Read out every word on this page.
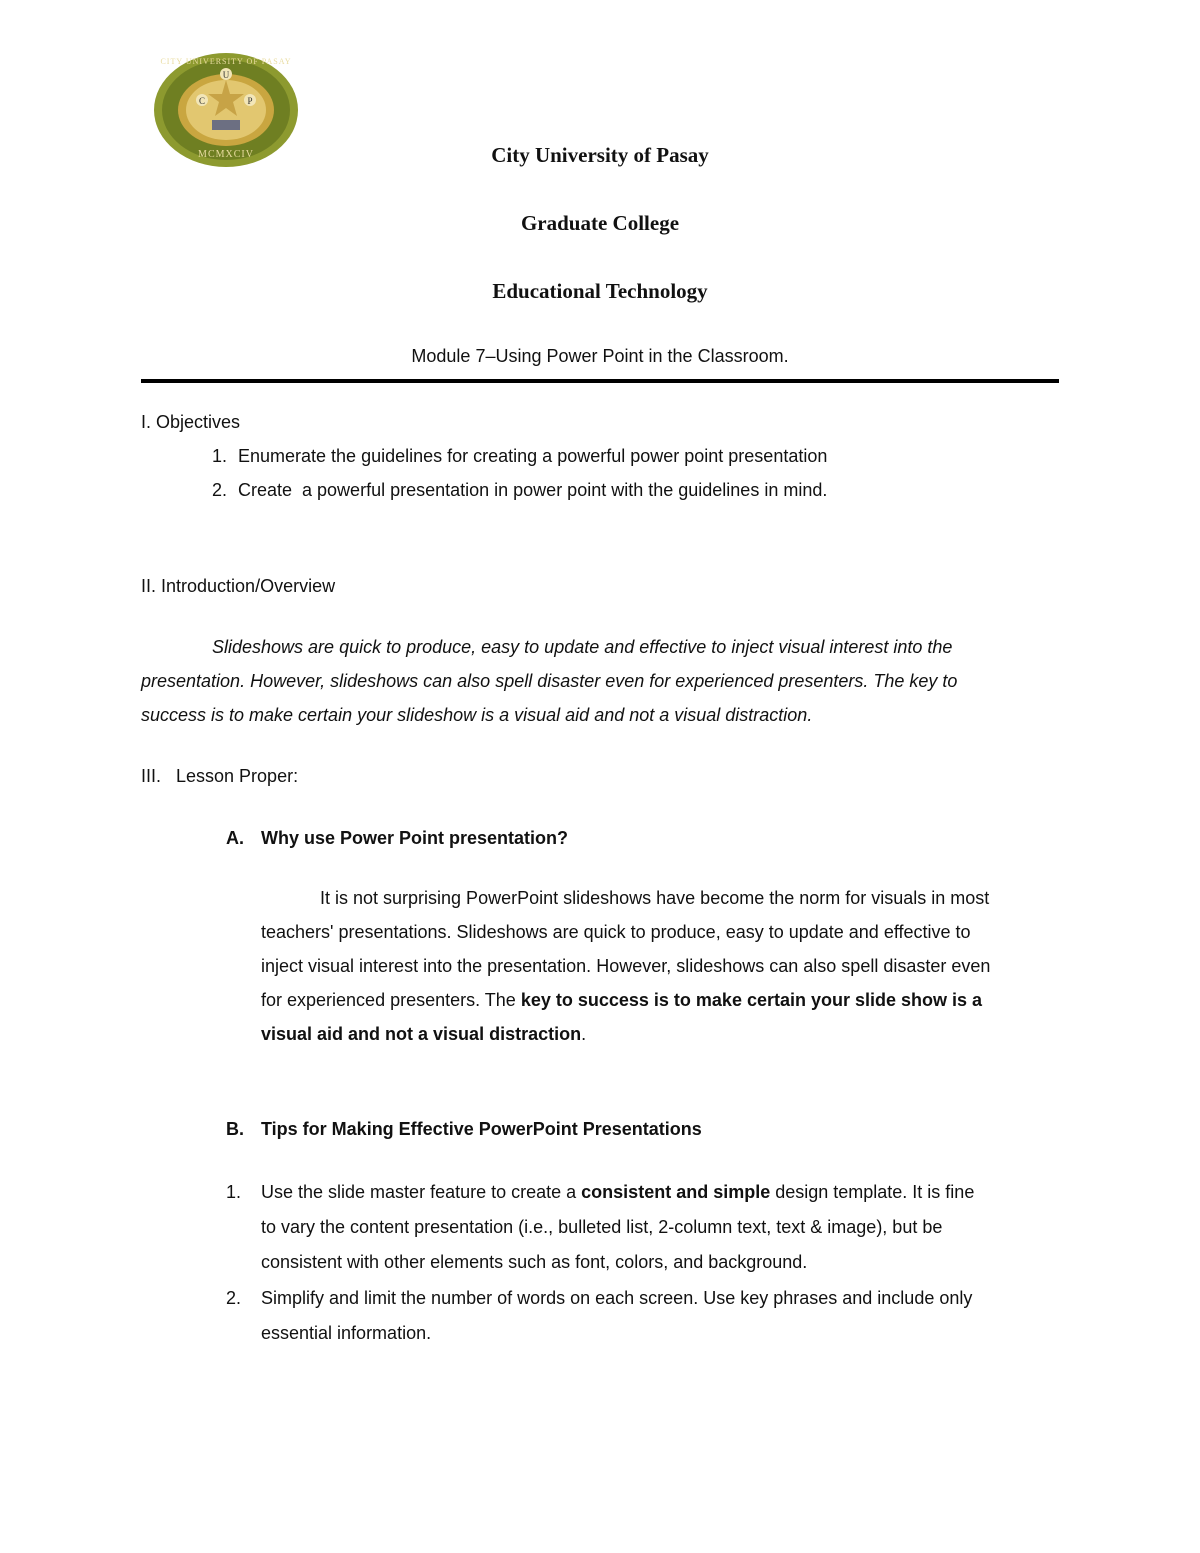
C
U
P
MCMXCIV
CITY UNIVERSITY OF PASAY
City University of Pasay
Graduate College
Educational Technology
Module 7–Using Power Point in the Classroom.
I. Objectives
1. Enumerate the guidelines for creating a powerful power point presentation
2. Create  a powerful presentation in power point with the guidelines in mind.
II. Introduction/Overview
Slideshows are quick to produce, easy to update and effective to inject visual interest into the
presentation. However, slideshows can also spell disaster even for experienced presenters. The key to
success is to make certain your slideshow is a visual aid and not a visual distraction.
III.   Lesson Proper:
A. Why use Power Point presentation?
It is not surprising PowerPoint slideshows have become the norm for visuals in most
teachers' presentations. Slideshows are quick to produce, easy to update and effective to
inject visual interest into the presentation. However, slideshows can also spell disaster even
for experienced presenters. The key to success is to make certain your slide show is a
visual aid and not a visual distraction.
B. Tips for Making Effective PowerPoint Presentations
1. Use the slide master feature to create a consistent and simple design template. It is fine
to vary the content presentation (i.e., bulleted list, 2-column text, text & image), but be
consistent with other elements such as font, colors, and background.
2. Simplify and limit the number of words on each screen. Use key phrases and include only
essential information.
